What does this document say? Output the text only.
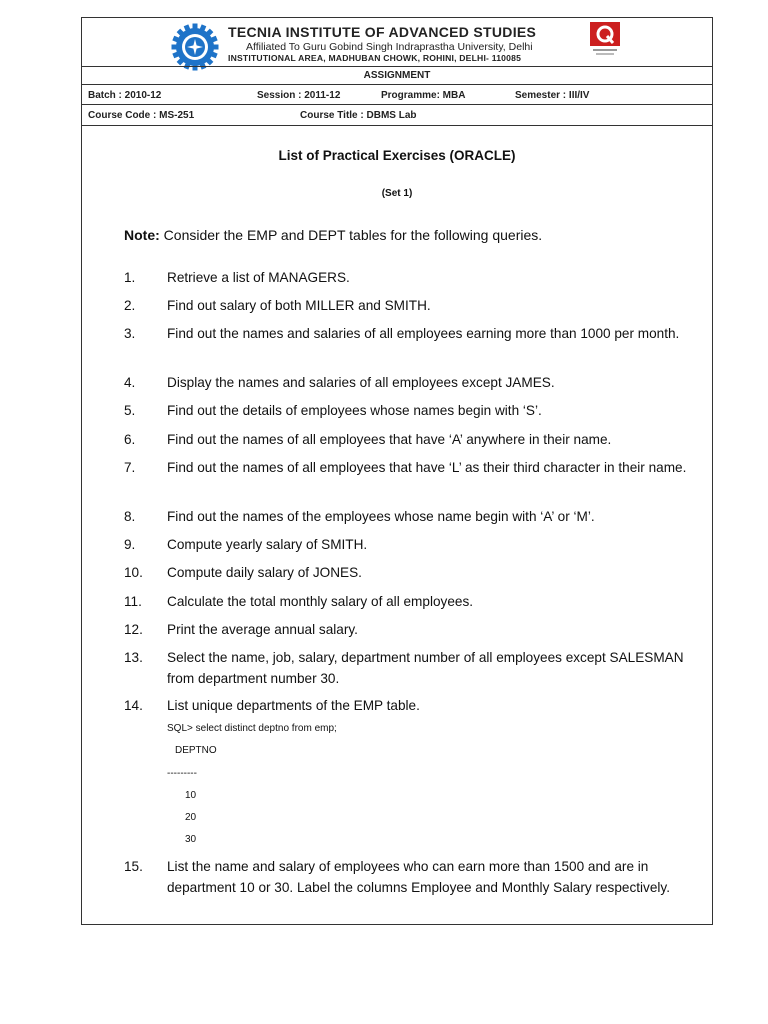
TECNIA INSTITUTE OF ADVANCED STUDIES
Affiliated To Guru Gobind Singh Indraprastha University, Delhi
INSTITUTIONAL AREA, MADHUBAN CHOWK, ROHINI, DELHI- 110085
ASSIGNMENT
Batch : 2010-12	Session : 2011-12	Programme: MBA	Semester : III/IV
Course Code : MS-251	Course Title : DBMS Lab
List of Practical Exercises (ORACLE)
(Set 1)
Note: Consider the EMP and DEPT tables for the following queries.
1. Retrieve a list of MANAGERS.
2. Find out salary of both MILLER and SMITH.
3. Find out the names and salaries of all employees earning more than 1000 per month.
4. Display the names and salaries of all employees except JAMES.
5. Find out the details of employees whose names begin with ‘S’.
6. Find out the names of all employees that have ‘A’ anywhere in their name.
7. Find out the names of all employees that have ‘L’ as their third character in their name.
8. Find out the names of the employees whose name begin with ‘A’ or ‘M’.
9. Compute yearly salary of SMITH.
10. Compute daily salary of JONES.
11. Calculate the total monthly salary of all employees.
12. Print the average annual salary.
13. Select the name, job, salary, department number of all employees except SALESMAN from department number 30.
14. List unique departments of the EMP table.
SQL> select distinct deptno from emp;
DEPTNO
---------
10
20
30
15. List the name and salary of employees who can earn more than 1500 and are in department 10 or 30. Label the columns Employee and Monthly Salary respectively.
